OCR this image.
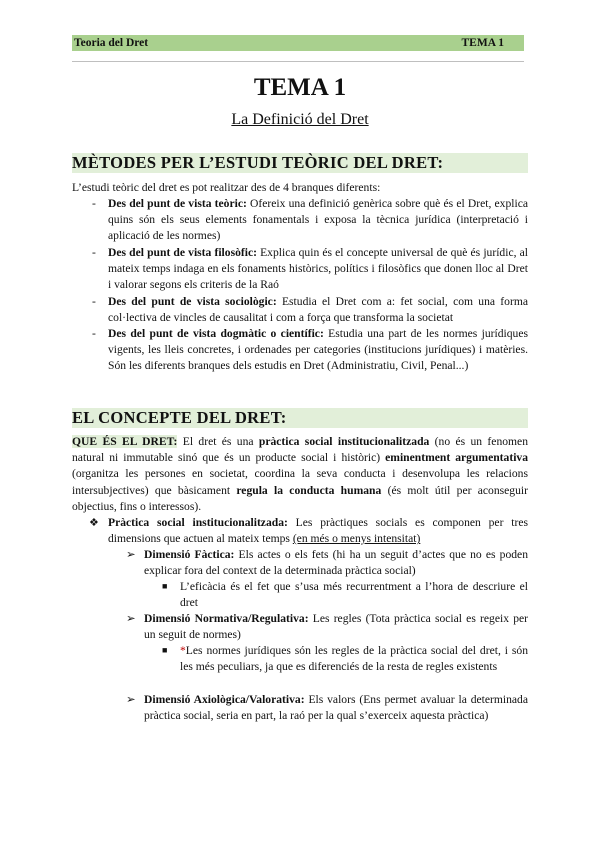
Teoria del Dret	TEMA 1
TEMA 1
La Definició del Dret
MÈTODES PER L’ESTUDI TEÒRIC DEL DRET:
L’estudi teòric del dret es pot realitzar des de 4 branques diferents:
- Des del punt de vista teòric: Ofereix una definició genèrica sobre què és el Dret, explica quins són els seus elements fonamentals i exposa la tècnica jurídica (interpretació i aplicació de les normes)
- Des del punt de vista filosòfic: Explica quin és el concepte universal de què és jurídic, al mateix temps indaga en els fonaments històrics, polítics i filosòfics que donen lloc al Dret i valorar segons els criteris de la Raó
- Des del punt de vista sociològic: Estudia el Dret com a: fet social, com una forma col·lectiva de vincles de causalitat i com a força que transforma la societat
- Des del punt de vista dogmàtic o científic: Estudia una part de les normes jurídiques vigents, les lleis concretes, i ordenades per categories (institucions jurídiques) i matèries. Són les diferents branques dels estudis en Dret (Administratiu, Civil, Penal...)
EL CONCEPTE DEL DRET:
QUE ÉS EL DRET: El dret és una pràctica social institucionalitzada (no és un fenomen natural ni immutable sinó que és un producte social i històric) eminentment argumentativa (organitza les persones en societat, coordina la seva conducta i desenvolupa les relacions intersubjectives) que bàsicament regula la conducta humana (és molt útil per aconseguir objectius, fins o interessos).
❖ Pràctica social institucionalitzada: Les pràctiques socials es componen per tres dimensions que actuen al mateix temps (en més o menys intensitat)
➢ Dimensió Fàctica: Els actes o els fets (hi ha un seguit d’actes que no es poden explicar fora del context de la determinada pràctica social)
■ L’eficàcia és el fet que s’usa més recurrentment a l’hora de descriure el dret
➢ Dimensió Normativa/Regulativa: Les regles (Tota pràctica social es regeix per un seguit de normes)
■ *Les normes jurídiques són les regles de la pràctica social del dret, i són les més peculiars, ja que es diferenciés de la resta de regles existents
➢ Dimensió Axiològica/Valorativa: Els valors (Ens permet avaluar la determinada pràctica social, seria en part, la raó per la qual s’exerceix aquesta pràctica)
